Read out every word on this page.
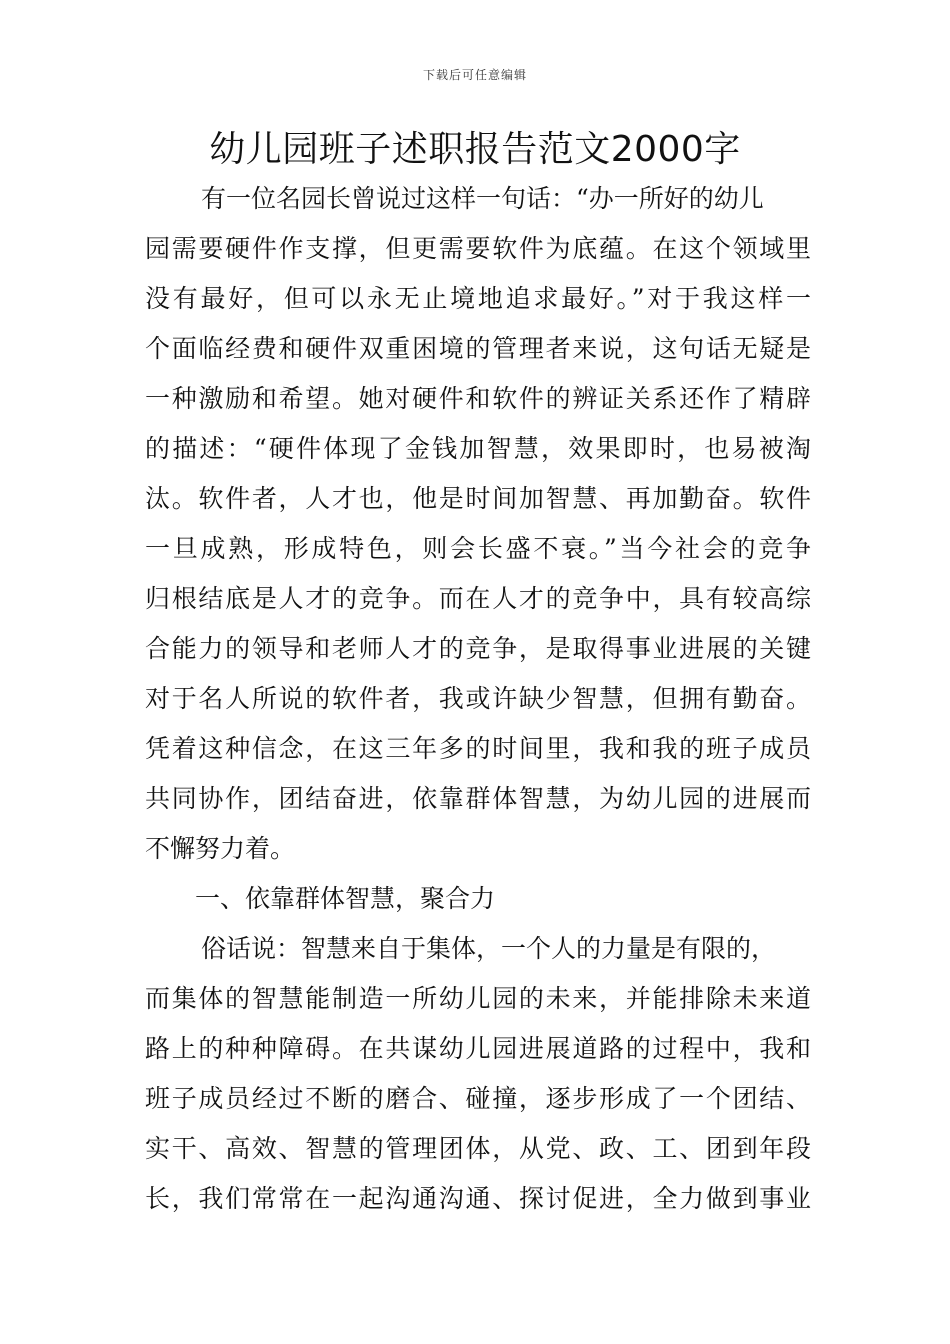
下载后可任意编辑
幼儿园班子述职报告范文2000字
有一位名园长曾说过这样一句话：“办一所好的幼儿
园需要硬件作支撑，但更需要软件为底蕴。在这个领域里
没有最好，但可以永无止境地追求最好。”对于我这样一
个面临经费和硬件双重困境的管理者来说，这句话无疑是
一种激励和希望。她对硬件和软件的辨证关系还作了精辟
的描述：“硬件体现了金钱加智慧，效果即时，也易被淘
汰。软件者，人才也，他是时间加智慧、再加勤奋。软件
一旦成熟，形成特色，则会长盛不衰。”当今社会的竞争
归根结底是人才的竞争。而在人才的竞争中，具有较高综
合能力的领导和老师人才的竞争，是取得事业进展的关键
对于名人所说的软件者，我或许缺少智慧，但拥有勤奋。
凭着这种信念，在这三年多的时间里，我和我的班子成员
共同协作，团结奋进，依靠群体智慧，为幼儿园的进展而
不懈努力着。
一、依靠群体智慧，聚合力
俗话说：智慧来自于集体，一个人的力量是有限的，
而集体的智慧能制造一所幼儿园的未来，并能排除未来道
路上的种种障碍。在共谋幼儿园进展道路的过程中，我和
班子成员经过不断的磨合、碰撞，逐步形成了一个团结、
实干、高效、智慧的管理团体，从党、政、工、团到年段
长，我们常常在一起沟通沟通、探讨促进，全力做到事业
